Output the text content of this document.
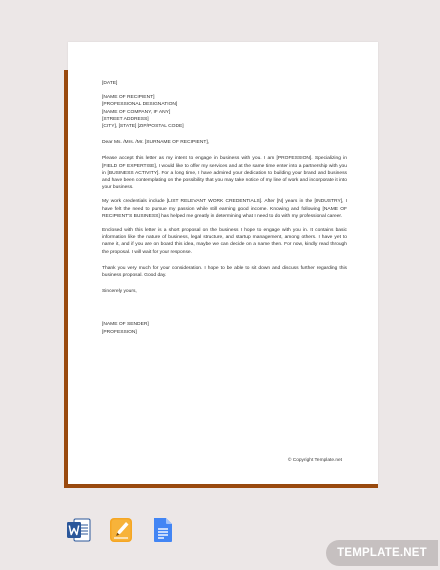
[DATE]
[NAME OF RECIPIENT]
[PROFESSIONAL DESIGNATION]
[NAME OF COMPANY, IF ANY]
[STREET ADDRESS]
[CITY], [STATE] [ZIP/POSTAL CODE]
Dear Ms. /Mrs. /Mr. [SURNAME OF RECIPIENT],

Please accept this letter as my intent to engage in business with you. I am [PROFESSION]. Specializing in [FIELD OF EXPERTISE], I would like to offer my services and at the same time enter into a partnership with you in [BUSINESS ACTIVITY]. For a long time, I have admired your dedication to building your brand and business and have been contemplating on the possibility that you may take notice of my line of work and incorporate it into your business.

My work credentials include [LIST RELEVANT WORK CREDENTIALS]. After [N] years in the [INDUSTRY], I have felt the need to pursue my passion while still earning good income. Knowing and following [NAME OF RECIPIENT'S BUSINESS] has helped me greatly in determining what I need to do with my professional career.

Enclosed with this letter is a short proposal on the business I hope to engage with you in. It contains basic information like the nature of business, legal structure, and startup management, among others. I have yet to name it, and if you are on board this idea, maybe we can decide on a name then. For now, kindly read through the proposal. I will wait for your response.

Thank you very much for your consideration. I hope to be able to sit down and discuss further regarding this business proposal. Good day.

Sincerely yours,
[NAME OF SENDER]
[PROFESSION]
© Copyright Template.net
TEMPLATE.NET
